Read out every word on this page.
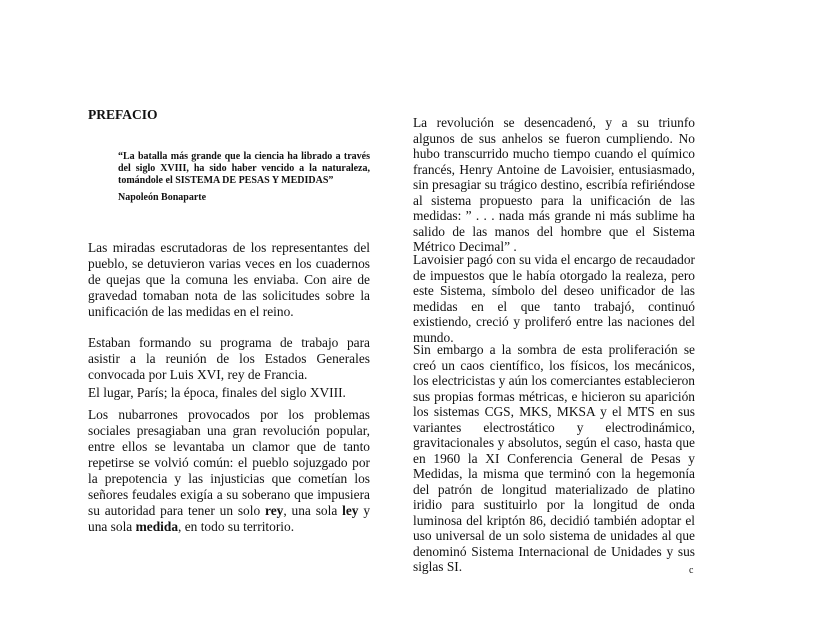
PREFACIO

“La batalla más grande que la ciencia ha librado a través del siglo XVIII, ha sido haber vencido a la naturaleza, tomándole el SISTEMA DE PESAS Y MEDIDAS”

Napoleón Bonaparte

Las miradas escrutadoras de los representantes del pueblo, se detuvieron varias veces en los cuadernos de quejas que la comuna les enviaba. Con aire de gravedad tomaban nota de las solicitudes sobre la unificación de las medidas en el reino.

Estaban formando su programa de trabajo para asistir a la reunión de los Estados Generales convocada por Luis XVI, rey de Francia.

El lugar, París; la época, finales del siglo XVIII.

Los nubarrones provocados por los problemas sociales presagiaban una gran revolución popular, entre ellos se levantaba un clamor que de tanto repetirse se volvió común: el pueblo sojuzgado por la prepotencia y las injusticias que cometían los señores feudales exigía a su soberano que impusiera su autoridad para tener un solo rey, una sola ley y una sola medida, en todo su territorio.

La revolución se desencadenó, y a su triunfo algunos de sus anhelos se fueron cumpliendo. No hubo transcurrido mucho tiempo cuando el químico francés, Henry Antoine de Lavoisier, entusiasmado, sin presagiar su trágico destino, escribía refiriéndose al sistema propuesto para la unificación de las medidas: ” . . . nada más grande ni más sublime ha salido de las manos del hombre que el Sistema Métrico Decimal” .

Lavoisier pagó con su vida el encargo de recaudador de impuestos que le había otorgado la realeza, pero este Sistema, símbolo del deseo unificador de las medidas en el que tanto trabajó, continuó existiendo, creció y proliferó entre las naciones del mundo.

Sin embargo a la sombra de esta proliferación se creó un caos científico, los físicos, los mecánicos, los electricistas y aún los comerciantes establecieron sus propias formas métricas, e hicieron su aparición los sistemas CGS, MKS, MKSA y el MTS en sus variantes electrostático y electrodinámico, gravitacionales y absolutos, según el caso, hasta que en 1960 la XI Conferencia General de Pesas y Medidas, la misma que terminó con la hegemonía del patrón de longitud materializado de platino iridio para sustituirlo por la longitud de onda luminosa del kriptón 86, decidió también adoptar el uso universal de un solo sistema de unidades al que denominó Sistema Internacional de Unidades y sus siglas SI.	c
